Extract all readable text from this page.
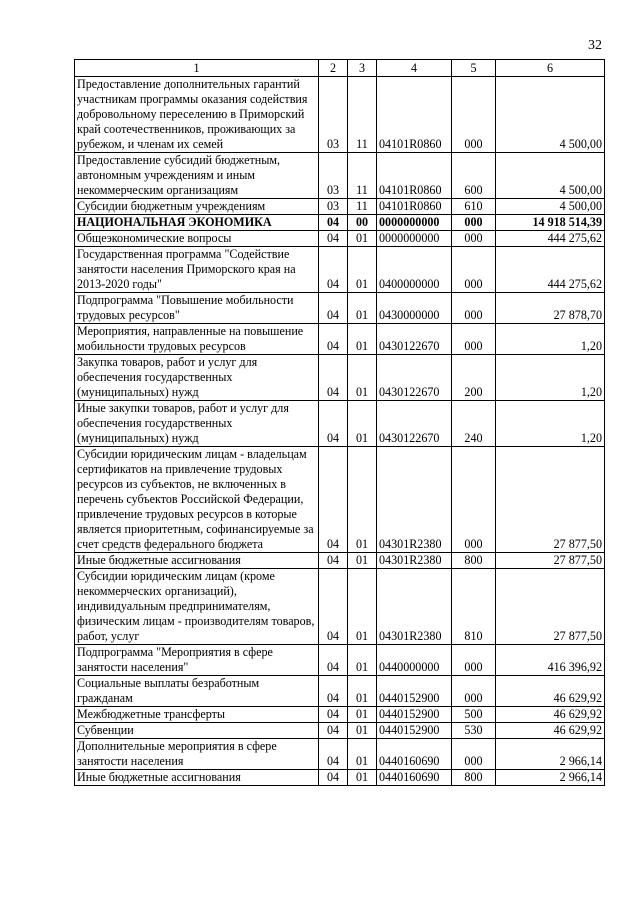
32
1	2	3	4	5	6
Предоставление дополнительных гарантий участникам программы оказания содействия добровольному переселению в Приморский край соотечественников, проживающих за рубежом, и членам их семей	03	11	04101R0860	000	4 500,00
Предоставление субсидий бюджетным, автономным учреждениям и иным некоммерческим организациям	03	11	04101R0860	600	4 500,00
Субсидии бюджетным учреждениям	03	11	04101R0860	610	4 500,00
НАЦИОНАЛЬНАЯ ЭКОНОМИКА	04	00	0000000000	000	14 918 514,39
Общеэкономические вопросы	04	01	0000000000	000	444 275,62
Государственная программа "Содействие занятости населения Приморского края на 2013-2020 годы"	04	01	0400000000	000	444 275,62
Подпрограмма "Повышение мобильности трудовых ресурсов"	04	01	0430000000	000	27 878,70
Мероприятия, направленные на повышение мобильности трудовых ресурсов	04	01	0430122670	000	1,20
Закупка товаров, работ и услуг для обеспечения государственных (муниципальных) нужд	04	01	0430122670	200	1,20
Иные закупки товаров, работ и услуг для обеспечения государственных (муниципальных) нужд	04	01	0430122670	240	1,20
Субсидии юридическим лицам - владельцам сертификатов на привлечение трудовых ресурсов из субъектов, не включенных в перечень субъектов Российской Федерации, привлечение трудовых ресурсов в которые является приоритетным, софинансируемые за счет средств федерального бюджета	04	01	04301R2380	000	27 877,50
Иные бюджетные ассигнования	04	01	04301R2380	800	27 877,50
Субсидии юридическим лицам (кроме некоммерческих организаций), индивидуальным предпринимателям, физическим лицам - производителям товаров, работ, услуг	04	01	04301R2380	810	27 877,50
Подпрограмма "Мероприятия в сфере занятости населения"	04	01	0440000000	000	416 396,92
Социальные выплаты безработным гражданам	04	01	0440152900	000	46 629,92
Межбюджетные трансферты	04	01	0440152900	500	46 629,92
Субвенции	04	01	0440152900	530	46 629,92
Дополнительные мероприятия в сфере занятости населения	04	01	0440160690	000	2 966,14
Иные бюджетные ассигнования	04	01	0440160690	800	2 966,14
